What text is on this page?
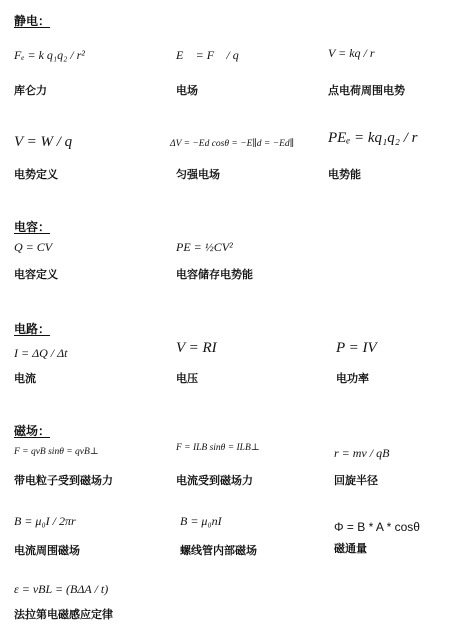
静电：
Fₑ = k q₁q₂ / r²
库仑力
E⃗ = F⃗ / q
电场
V = kq / r
点电荷周围电势
V = W / q
电势定义
ΔV = −Ed cosθ = −E∥d = −Ed∥
匀强电场
PEₑ = kq₁q₂ / r
电势能
电容：
Q = CV
电容定义
PE = ½CV²
电容储存电势能
电路：
I = ΔQ / Δt
电流
V = RI
电压
P = IV
电功率
磁场：
F = qvB sinθ = qvB⊥
带电粒子受到磁场力
F = ILB sinθ = ILB⊥
电流受到磁场力
r = mv / qB
回旋半径
B = μ₀I / 2πr
电流周围磁场
B = μ₀nI
螺线管内部磁场
Φ = B * A * cosθ
磁通量
ε = vBL = (BΔA / t)
法拉第电磁感应定律
